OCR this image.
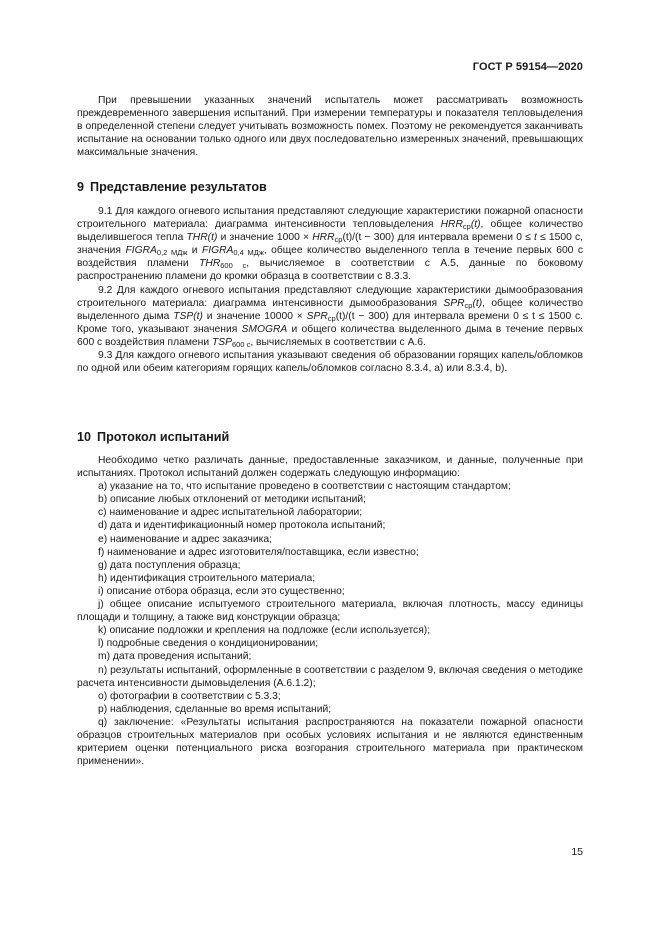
ГОСТ Р 59154—2020

При превышении указанных значений испытатель может рассматривать возможность преждевременного завершения испытаний. При измерении температуры и показателя тепловыделения в определенной степени следует учитывать возможность помех. Поэтому не рекомендуется заканчивать испытание на основании только одного или двух последовательно измеренных значений, превышающих максимальные значения.

9 Представление результатов

9.1 Для каждого огневого испытания представляют следующие характеристики пожарной опасности строительного материала: диаграмма интенсивности тепловыделения $HRR_{ср}(t)$, общее количество выделившегося тепла THR(t) и значение $1000 \times HRR_{ср}(t)/(t - 300)$ для интервала времени 0 ≤ t ≤ 1500 с, значения $FIGRA_{0,2 МДж}$ и $FIGRA_{0,4 МДж}$, общее количество выделенного тепла в течение первых 600 с воздействия пламени $THR_{600 с}$, вычисляемое в соответствии с А.5, данные по боковому распространению пламени до кромки образца в соответствии с 8.3.3.

9.2 Для каждого огневого испытания представляют следующие характеристики дымообразования строительного материала: диаграмма интенсивности дымообразования $SPR_{ср}(t)$, общее количество выделенного дыма TSP(t) и значение $10000 \times SPR_{ср}(t)/(t - 300)$ для интервала времени 0 ≤ t ≤ 1500 с. Кроме того, указывают значения SMOGRA и общего количества выделенного дыма в течение первых 600 с воздействия пламени $TSP_{600 с}$, вычисляемых в соответствии с А.6.

9.3 Для каждого огневого испытания указывают сведения об образовании горящих капель/обломков по одной или обеим категориям горящих капель/обломков согласно 8.3.4, а) или 8.3.4, b).

10 Протокол испытаний

Необходимо четко различать данные, предоставленные заказчиком, и данные, полученные при испытаниях. Протокол испытаний должен содержать следующую информацию:

a) указание на то, что испытание проведено в соответствии с настоящим стандартом;

b) описание любых отклонений от методики испытаний;

c) наименование и адрес испытательной лаборатории;

d) дата и идентификационный номер протокола испытаний;

e) наименование и адрес заказчика;

f) наименование и адрес изготовителя/поставщика, если известно;

g) дата поступления образца;

h) идентификация строительного материала;

i) описание отбора образца, если это существенно;

j) общее описание испытуемого строительного материала, включая плотность, массу единицы площади и толщину, а также вид конструкции образца;

k) описание подложки и крепления на подложке (если используется);

l) подробные сведения о кондиционировании;

m) дата проведения испытаний;

n) результаты испытаний, оформленные в соответствии с разделом 9, включая сведения о методике расчета интенсивности дымовыделения (А.6.1.2);

o) фотографии в соответствии с 5.3.3;

p) наблюдения, сделанные во время испытаний;

q) заключение: «Результаты испытания распространяются на показатели пожарной опасности образцов строительных материалов при особых условиях испытания и не являются единственным критерием оценки потенциального риска возгорания строительного материала при практическом применении».

15
